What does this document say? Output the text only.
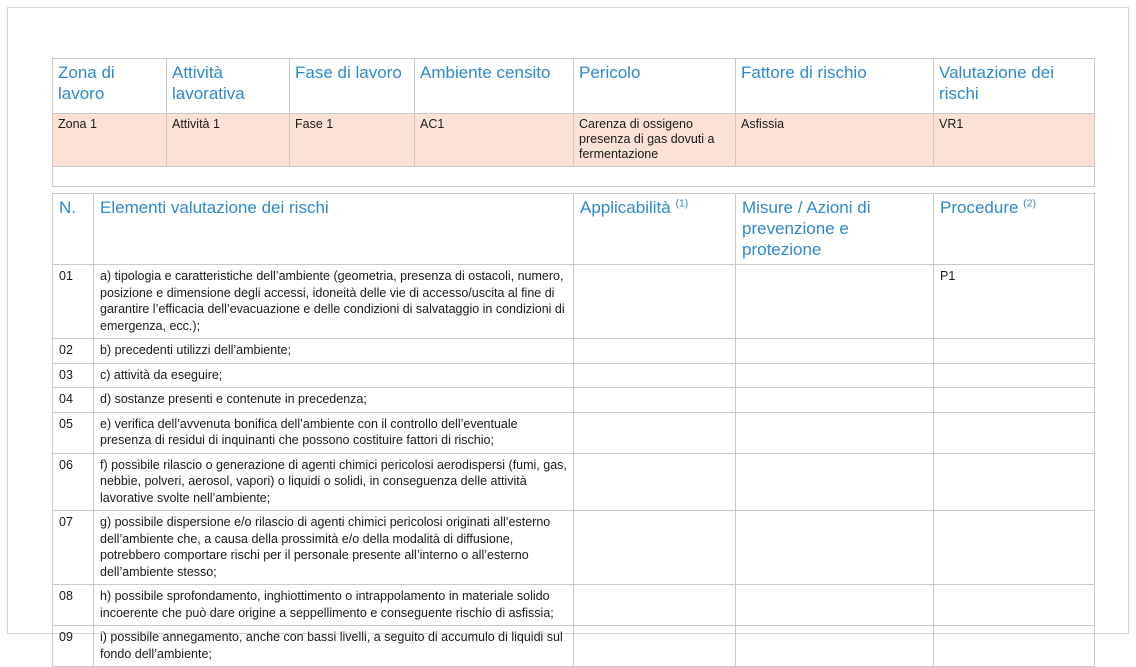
Zona di lavoro	Attività lavorativa	Fase di lavoro	Ambiente censito	Pericolo	Fattore di rischio	Valutazione dei rischi
Zona 1	Attività 1	Fase 1	AC1	Carenza di ossigeno presenza di gas dovuti a fermentazione	Asfissia	VR1
N.	Elementi valutazione dei rischi	Applicabilità $^{(1)}$	Misure / Azioni di prevenzione e protezione	Procedure $^{(2)}$
01	a) tipologia e caratteristiche dell’ambiente (geometria, presenza di ostacoli, numero, posizione e dimensione degli accessi, idoneità delle vie di accesso/uscita al fine di garantire l’efficacia dell’evacuazione e delle condizioni di salvataggio in condizioni di emergenza, ecc.);			P1
02	b) precedenti utilizzi dell’ambiente;			
03	c) attività da eseguire;			
04	d) sostanze presenti e contenute in precedenza;			
05	e) verifica dell’avvenuta bonifica dell’ambiente con il controllo dell’eventuale presenza di residui di inquinanti che possono costituire fattori di rischio;			
06	f) possibile rilascio o generazione di agenti chimici pericolosi aerodispersi (fumi, gas, nebbie, polveri, aerosol, vapori) o liquidi o solidi, in conseguenza delle attività lavorative svolte nell’ambiente;			
07	g) possibile dispersione e/o rilascio di agenti chimici pericolosi originati all’esterno dell’ambiente che, a causa della prossimità e/o della modalità di diffusione, potrebbero comportare rischi per il personale presente all’interno o all’esterno dell’ambiente stesso;			
08	h) possibile sprofondamento, inghiottimento o intrappolamento in materiale solido incoerente che può dare origine a seppellimento e conseguente rischio di asfissia;			
09	i) possibile annegamento, anche con bassi livelli, a seguito di accumulo di liquidi sul fondo dell’ambiente;			
